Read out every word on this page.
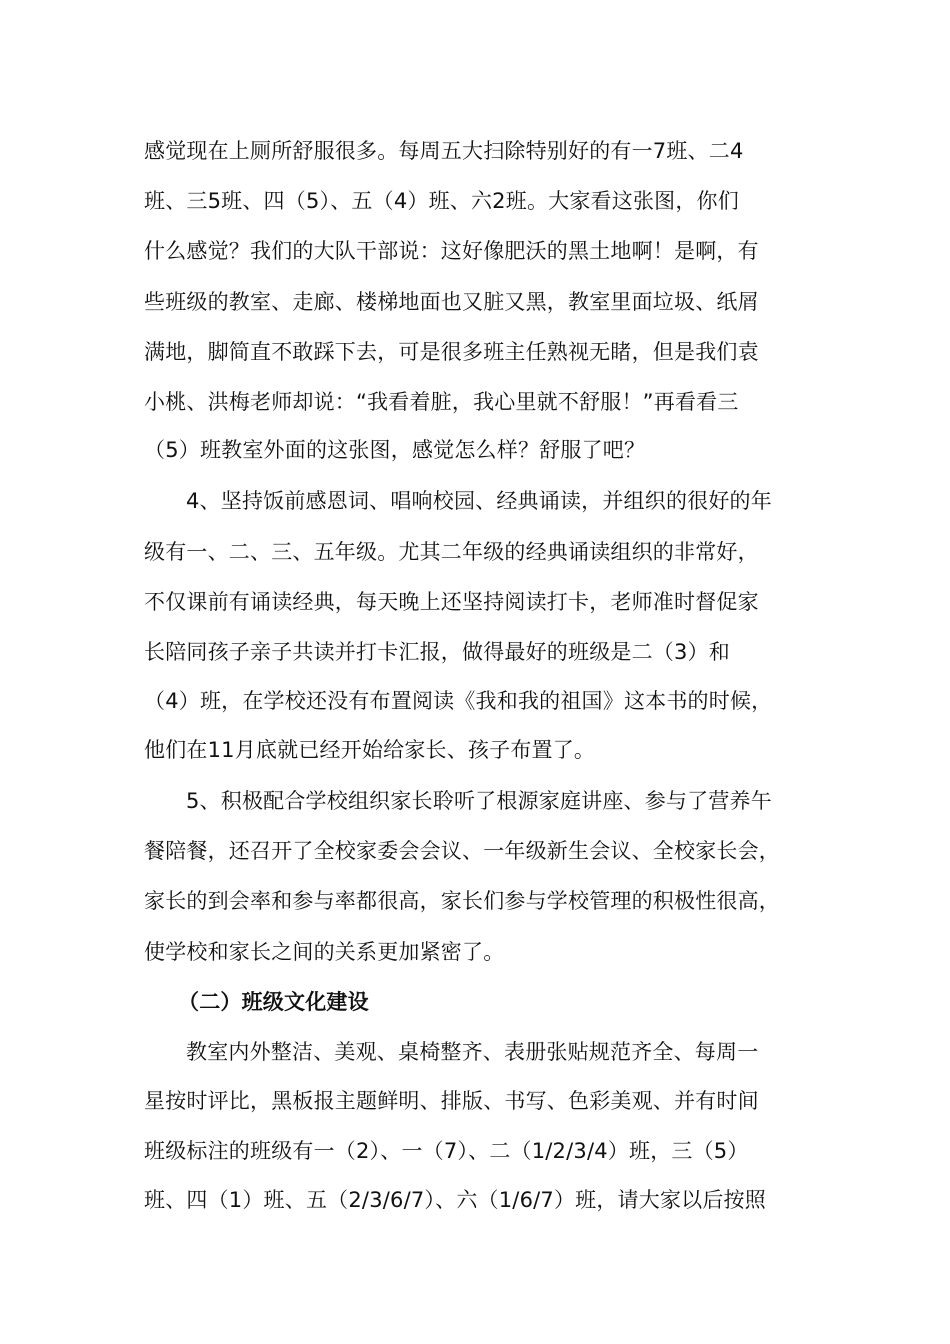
感觉现在上厕所舒服很多。每周五大扫除特别好的有一7班、二4
班、三5班、四（5）、五（4）班、六2班。大家看这张图，你们
什么感觉？我们的大队干部说：这好像肥沃的黑土地啊！是啊，有
些班级的教室、走廊、楼梯地面也又脏又黑，教室里面垃圾、纸屑
满地，脚简直不敢踩下去，可是很多班主任熟视无睹，但是我们袁
小桃、洪梅老师却说：“我看着脏，我心里就不舒服！”再看看三
（5）班教室外面的这张图，感觉怎么样？舒服了吧？
4、坚持饭前感恩词、唱响校园、经典诵读，并组织的很好的年
级有一、二、三、五年级。尤其二年级的经典诵读组织的非常好，
不仅课前有诵读经典，每天晚上还坚持阅读打卡，老师准时督促家
长陪同孩子亲子共读并打卡汇报，做得最好的班级是二（3）和
（4）班，在学校还没有布置阅读《我和我的祖国》这本书的时候，
他们在11月底就已经开始给家长、孩子布置了。
5、积极配合学校组织家长聆听了根源家庭讲座、参与了营养午
餐陪餐，还召开了全校家委会会议、一年级新生会议、全校家长会，
家长的到会率和参与率都很高，家长们参与学校管理的积极性很高，
使学校和家长之间的关系更加紧密了。
（二）班级文化建设
教室内外整洁、美观、桌椅整齐、表册张贴规范齐全、每周一
星按时评比，黑板报主题鲜明、排版、书写、色彩美观、并有时间
班级标注的班级有一（2）、一（7）、二（1/2/3/4）班，三（5）
班、四（1）班、五（2/3/6/7）、六（1/6/7）班，请大家以后按照
